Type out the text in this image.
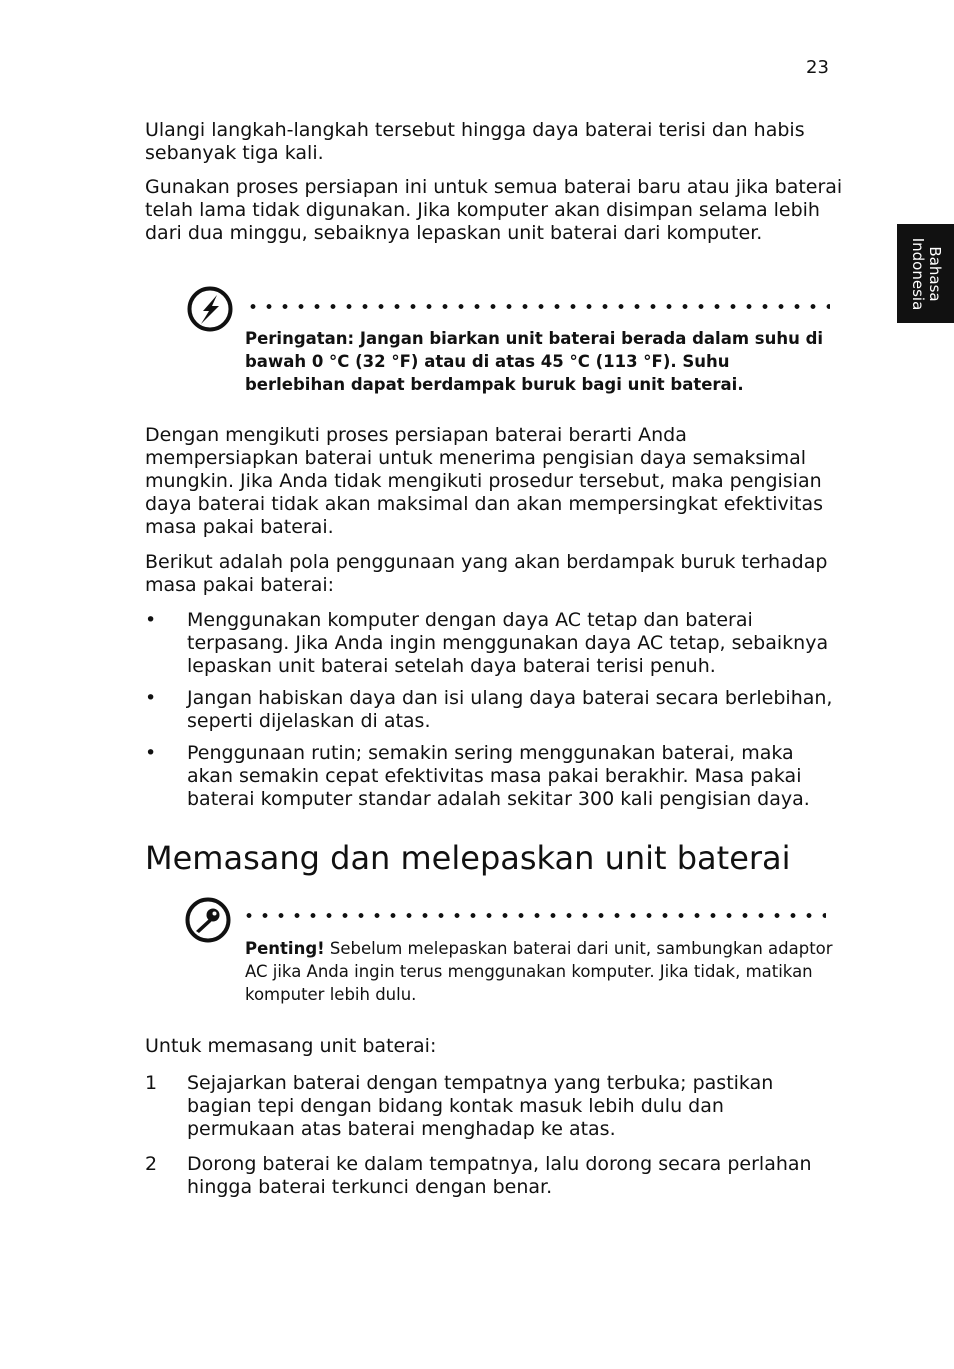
23
Bahasa
Indonesia

Ulangi langkah-langkah tersebut hingga daya baterai terisi dan habis sebanyak tiga kali.

Gunakan proses persiapan ini untuk semua baterai baru atau jika baterai telah lama tidak digunakan. Jika komputer akan disimpan selama lebih dari dua minggu, sebaiknya lepaskan unit baterai dari komputer.

Peringatan: Jangan biarkan unit baterai berada dalam suhu di bawah 0 °C (32 °F) atau di atas 45 °C (113 °F). Suhu berlebihan dapat berdampak buruk bagi unit baterai.

Dengan mengikuti proses persiapan baterai berarti Anda mempersiapkan baterai untuk menerima pengisian daya semaksimal mungkin. Jika Anda tidak mengikuti prosedur tersebut, maka pengisian daya baterai tidak akan maksimal dan akan mempersingkat efektivitas masa pakai baterai.

Berikut adalah pola penggunaan yang akan berdampak buruk terhadap masa pakai baterai:

• Menggunakan komputer dengan daya AC tetap dan baterai terpasang. Jika Anda ingin menggunakan daya AC tetap, sebaiknya lepaskan unit baterai setelah daya baterai terisi penuh.

• Jangan habiskan daya dan isi ulang daya baterai secara berlebihan, seperti dijelaskan di atas.

• Penggunaan rutin; semakin sering menggunakan baterai, maka akan semakin cepat efektivitas masa pakai berakhir. Masa pakai baterai komputer standar adalah sekitar 300 kali pengisian daya.

Memasang dan melepaskan unit baterai

Penting! Sebelum melepaskan baterai dari unit, sambungkan adaptor AC jika Anda ingin terus menggunakan komputer. Jika tidak, matikan komputer lebih dulu.

Untuk memasang unit baterai:

1 Sejajarkan baterai dengan tempatnya yang terbuka; pastikan bagian tepi dengan bidang kontak masuk lebih dulu dan permukaan atas baterai menghadap ke atas.

2 Dorong baterai ke dalam tempatnya, lalu dorong secara perlahan hingga baterai terkunci dengan benar.
